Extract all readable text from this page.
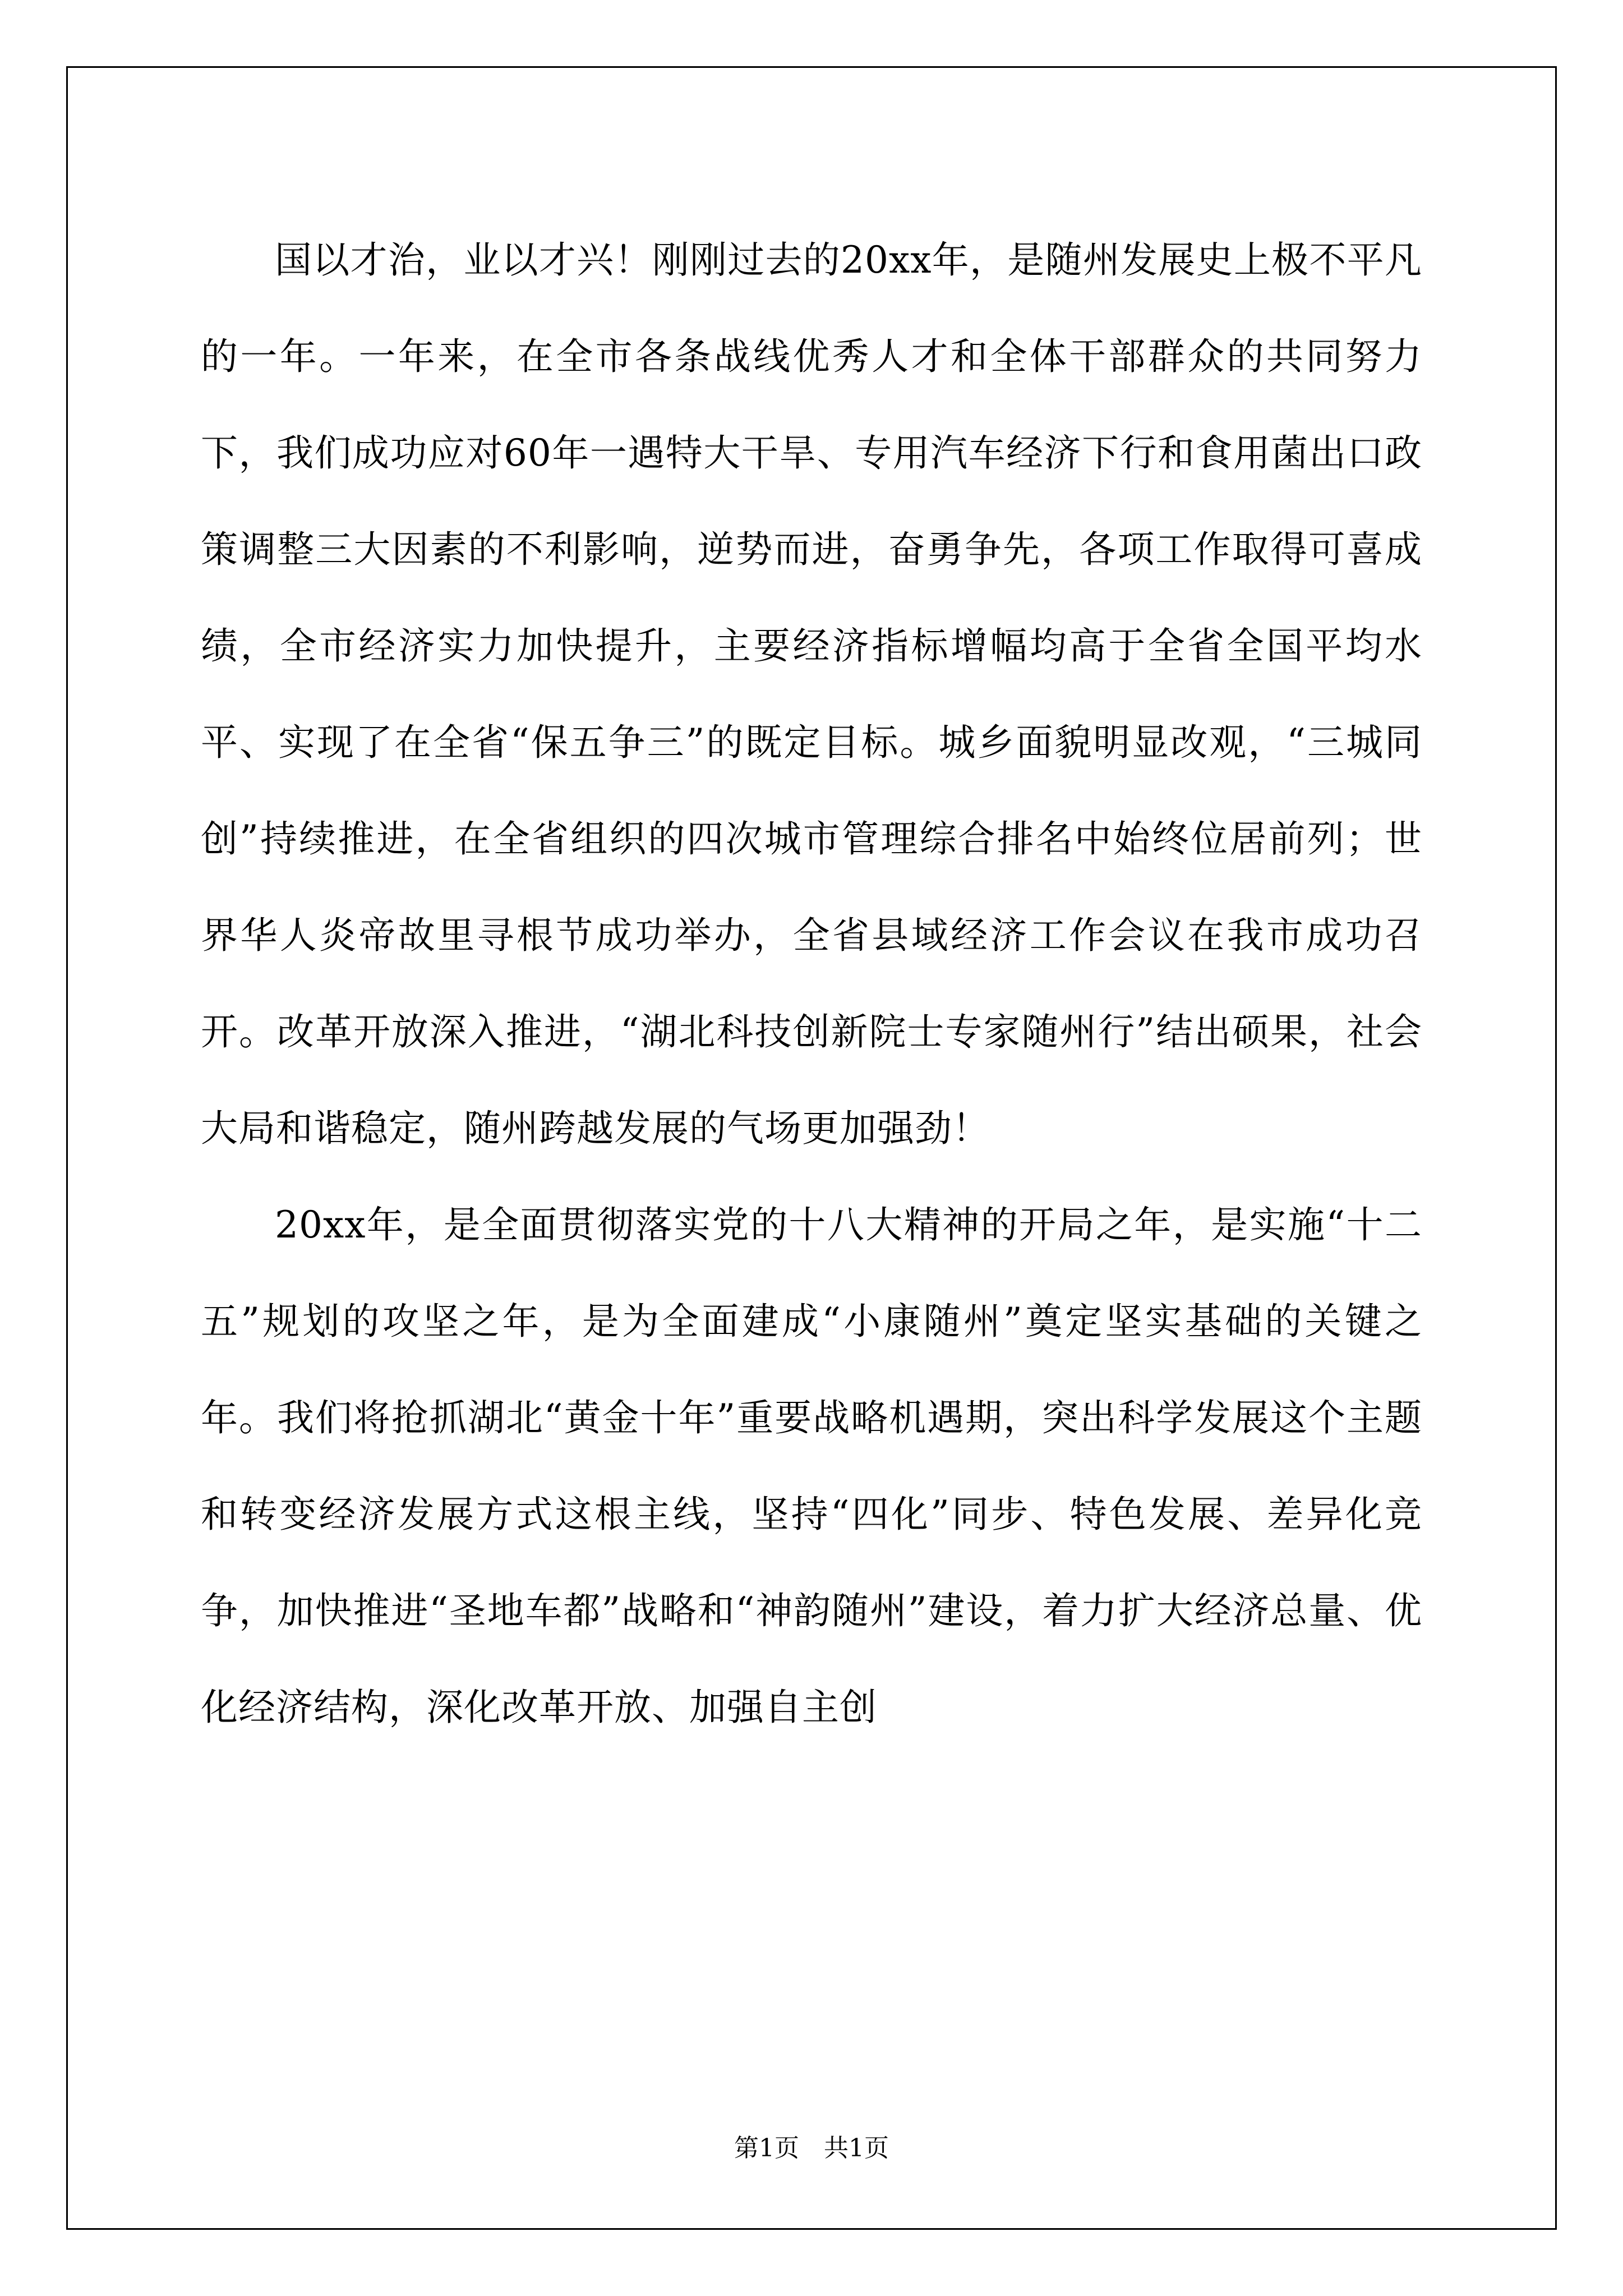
国以才治，业以才兴！刚刚过去的20xx年，是随州发展史上极不平凡的一年。一年来，在全市各条战线优秀人才和全体干部群众的共同努力下，我们成功应对60年一遇特大干旱、专用汽车经济下行和食用菌出口政策调整三大因素的不利影响，逆势而进，奋勇争先，各项工作取得可喜成绩，全市经济实力加快提升，主要经济指标增幅均高于全省全国平均水平、实现了在全省“保五争三”的既定目标。城乡面貌明显改观，“三城同创”持续推进，在全省组织的四次城市管理综合排名中始终位居前列；世界华人炎帝故里寻根节成功举办，全省县域经济工作会议在我市成功召开。改革开放深入推进，“湖北科技创新院士专家随州行”结出硕果，社会大局和谐稳定，随州跨越发展的气场更加强劲！

20xx年，是全面贯彻落实党的十八大精神的开局之年，是实施“十二五”规划的攻坚之年，是为全面建成“小康随州”奠定坚实基础的关键之年。我们将抢抓湖北“黄金十年”重要战略机遇期，突出科学发展这个主题和转变经济发展方式这根主线，坚持“四化”同步、特色发展、差异化竞争，加快推进“圣地车都”战略和“神韵随州”建设，着力扩大经济总量、优化经济结构，深化改革开放、加强自主创

第1页　共1页
